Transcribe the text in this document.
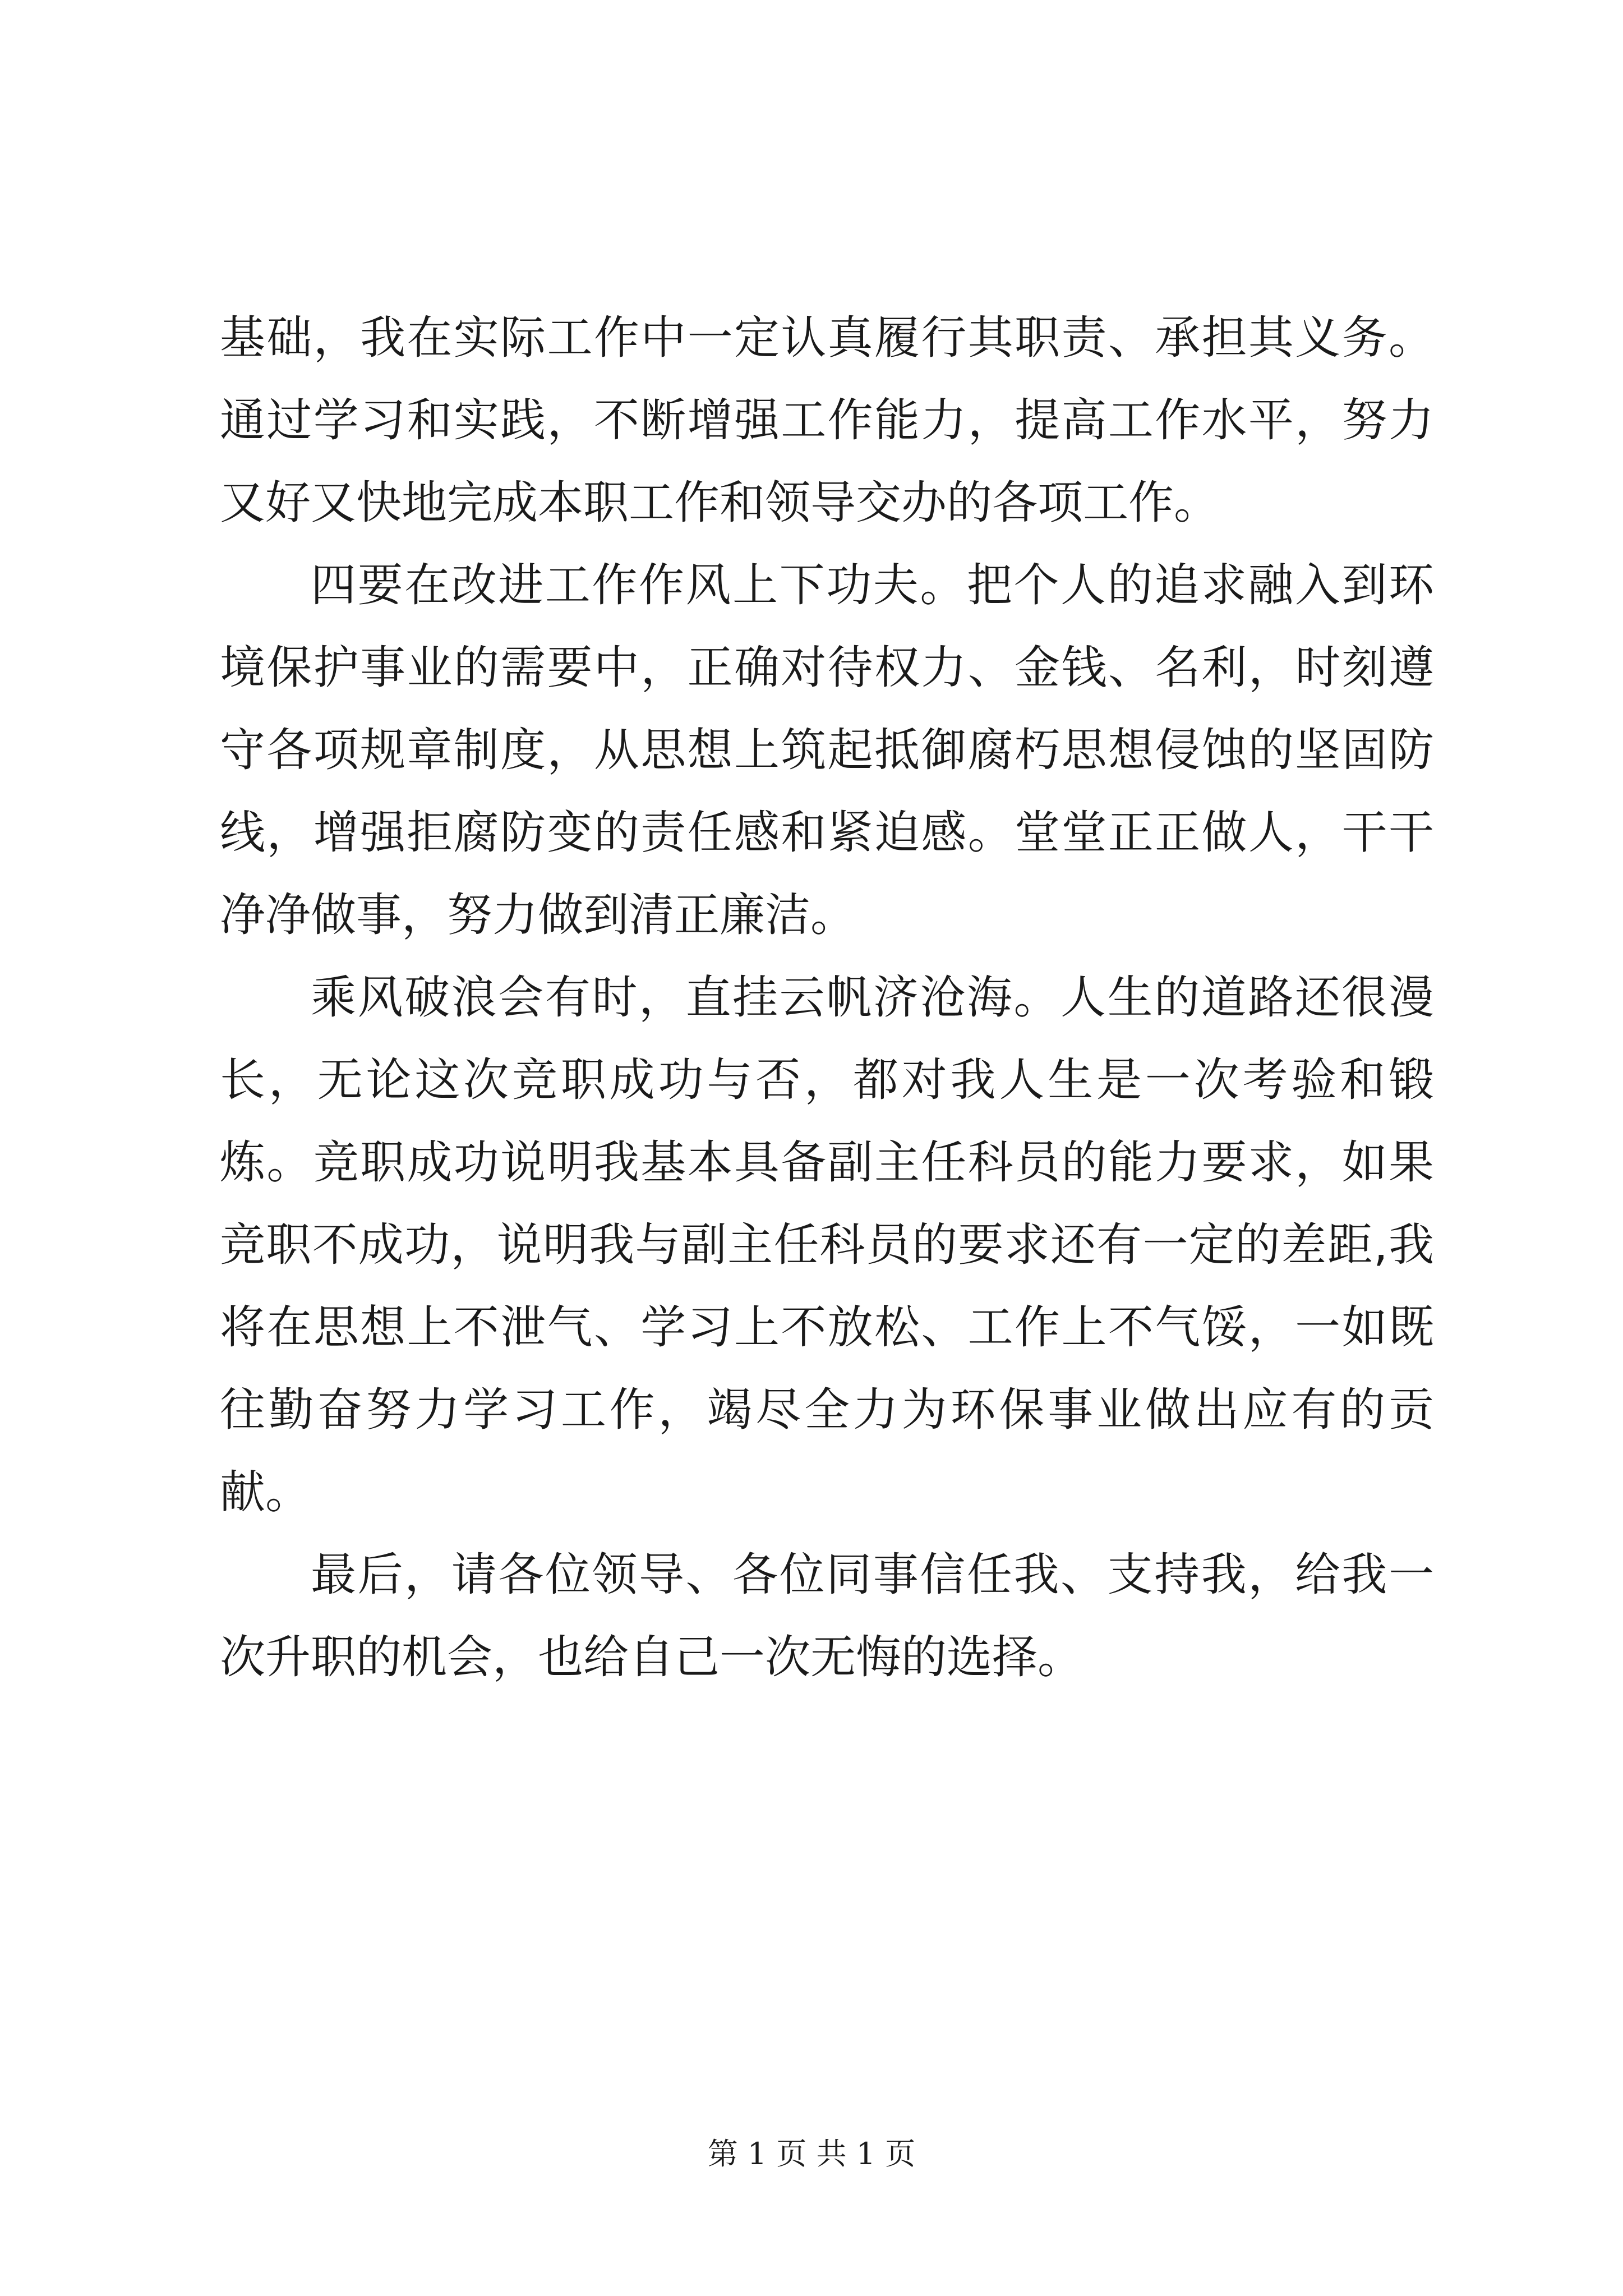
基础，我在实际工作中一定认真履行其职责、承担其义务。通过学习和实践，不断增强工作能力，提高工作水平，努力又好又快地完成本职工作和领导交办的各项工作。

四要在改进工作作风上下功夫。把个人的追求融入到环境保护事业的需要中，正确对待权力、金钱、名利，时刻遵守各项规章制度，从思想上筑起抵御腐朽思想侵蚀的坚固防线，增强拒腐防变的责任感和紧迫感。堂堂正正做人，干干净净做事，努力做到清正廉洁。

乘风破浪会有时，直挂云帆济沧海。人生的道路还很漫长，无论这次竞职成功与否，都对我人生是一次考验和锻炼。竞职成功说明我基本具备副主任科员的能力要求，如果竞职不成功，说明我与副主任科员的要求还有一定的差距,我将在思想上不泄气、学习上不放松、工作上不气馁，一如既往勤奋努力学习工作，竭尽全力为环保事业做出应有的贡献。

最后，请各位领导、各位同事信任我、支持我，给我一次升职的机会，也给自己一次无悔的选择。

第 1 页 共 1 页
